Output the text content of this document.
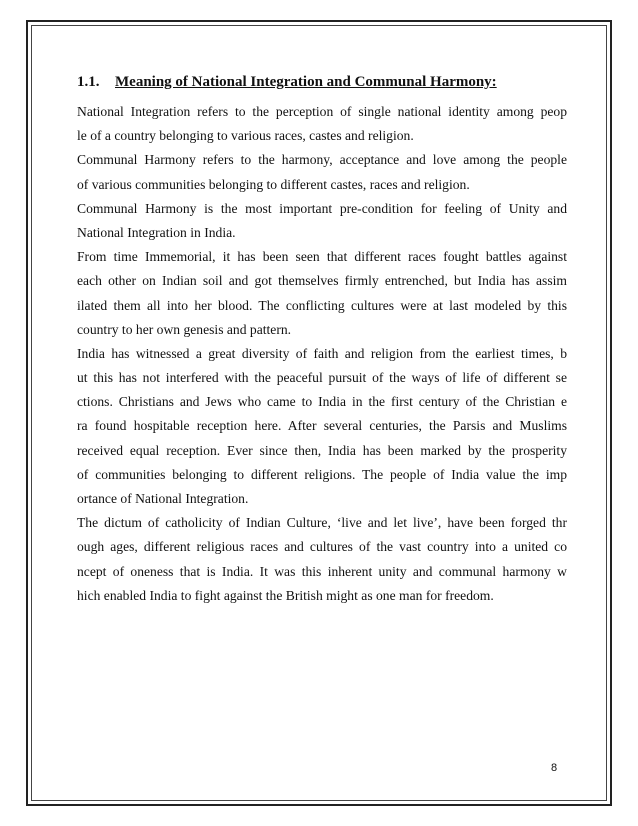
1.1. Meaning of National Integration and Communal Harmony:
National Integration refers to the perception of single national identity among peop
le of a country belonging to various races, castes and religion.
Communal Harmony refers to the harmony, acceptance and love among the people
of various communities belonging to different castes, races and religion.
Communal Harmony is the most important pre-condition for feeling of Unity and
National Integration in India.
From time Immemorial, it has been seen that different races fought battles against
each other on Indian soil and got themselves firmly entrenched, but India has assim
ilated them all into her blood. The conflicting cultures were at last modeled by this
country to her own genesis and pattern.
India has witnessed a great diversity of faith and religion from the earliest times, b
ut this has not interfered with the peaceful pursuit of the ways of life of different se
ctions. Christians and Jews who came to India in the first century of the Christian e
ra found hospitable reception here. After several centuries, the Parsis and Muslims
received equal reception. Ever since then, India has been marked by the prosperity
of communities belonging to different religions. The people of India value the imp
ortance of National Integration.
The dictum of catholicity of Indian Culture, ‘live and let live’, have been forged thr
ough ages, different religious races and cultures of the vast country into a united co
ncept of oneness that is India. It was this inherent unity and communal harmony w
hich enabled India to fight against the British might as one man for freedom.
8
